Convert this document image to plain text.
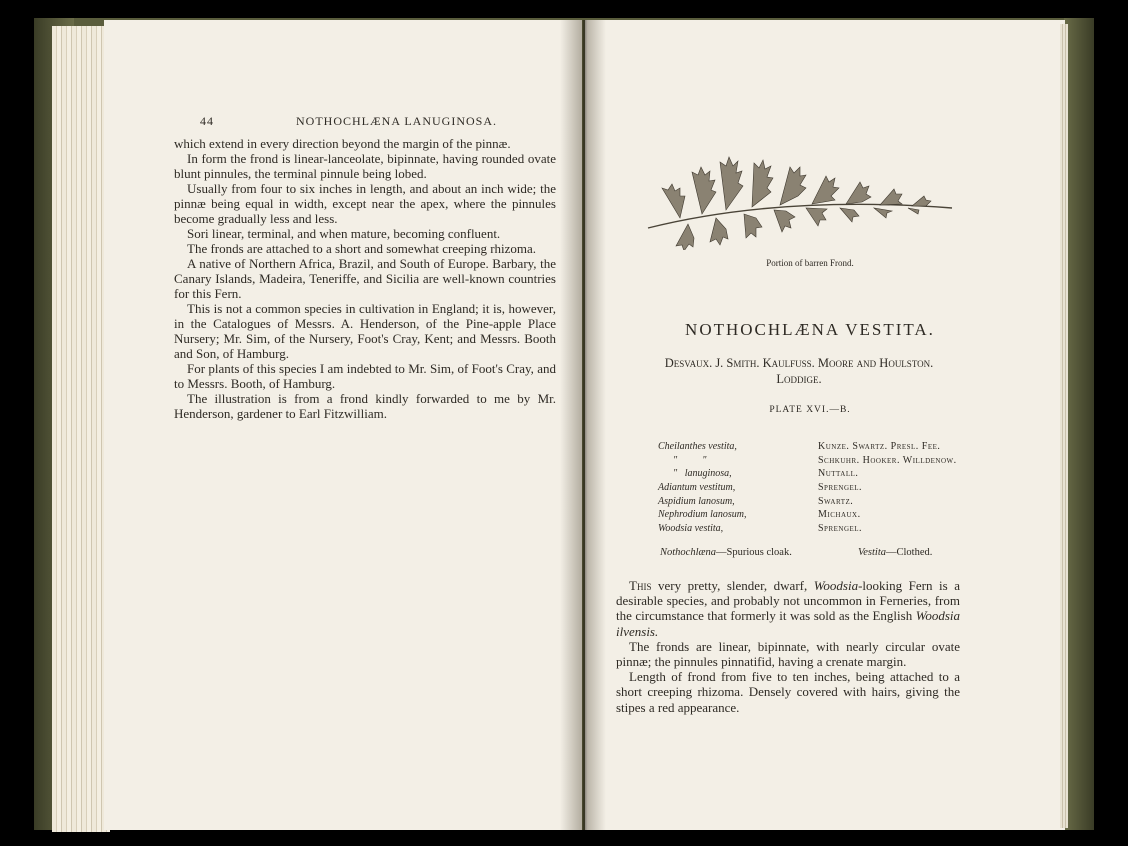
44	NOTHOCHLÆNA LANUGINOSA.

which extend in every direction beyond the margin of the pinnæ.

In form the frond is linear-lanceolate, bipinnate, having rounded ovate blunt pinnules, the terminal pinnule being lobed.

Usually from four to six inches in length, and about an inch wide; the pinnæ being equal in width, except near the apex, where the pinnules become gradually less and less.

Sori linear, terminal, and when mature, becoming confluent.

The fronds are attached to a short and somewhat creeping rhizoma.

A native of Northern Africa, Brazil, and South of Europe. Barbary, the Canary Islands, Madeira, Teneriffe, and Sicilia are well-known countries for this Fern.

This is not a common species in cultivation in England; it is, however, in the Catalogues of Messrs. A. Henderson, of the Pine-apple Place Nursery; Mr. Sim, of the Nursery, Foot's Cray, Kent; and Messrs. Booth and Son, of Hamburg.

For plants of this species I am indebted to Mr. Sim, of Foot's Cray, and to Messrs. Booth, of Hamburg.

The illustration is from a frond kindly forwarded to me by Mr. Henderson, gardener to Earl Fitzwilliam.

Portion of barren Frond.
NOTHOCHLÆNA VESTITA.
Desvaux. J. Smith. Kaulfuss. Moore and Houlston.
Loddige.
PLATE XVI.—B.
Cheilanthes vestita,	Kunze. Swartz. Presl. Fee.
"          "	Schkuhr. Hooker. Willdenow.
"   lanuginosa,	Nuttall.
Adiantum vestitum,	Sprengel.
Aspidium lanosum,	Swartz.
Nephrodium lanosum,	Michaux.
Woodsia vestita,	Sprengel.
Nothochlæna—Spurious cloak.	Vestita—Clothed.

This very pretty, slender, dwarf, Woodsia-looking Fern is a desirable species, and probably not uncommon in Ferneries, from the circumstance that formerly it was sold as the English Woodsia ilvensis.

The fronds are linear, bipinnate, with nearly circular ovate pinnæ; the pinnules pinnatifid, having a crenate margin.

Length of frond from five to ten inches, being attached to a short creeping rhizoma. Densely covered with hairs, giving the stipes a red appearance.
